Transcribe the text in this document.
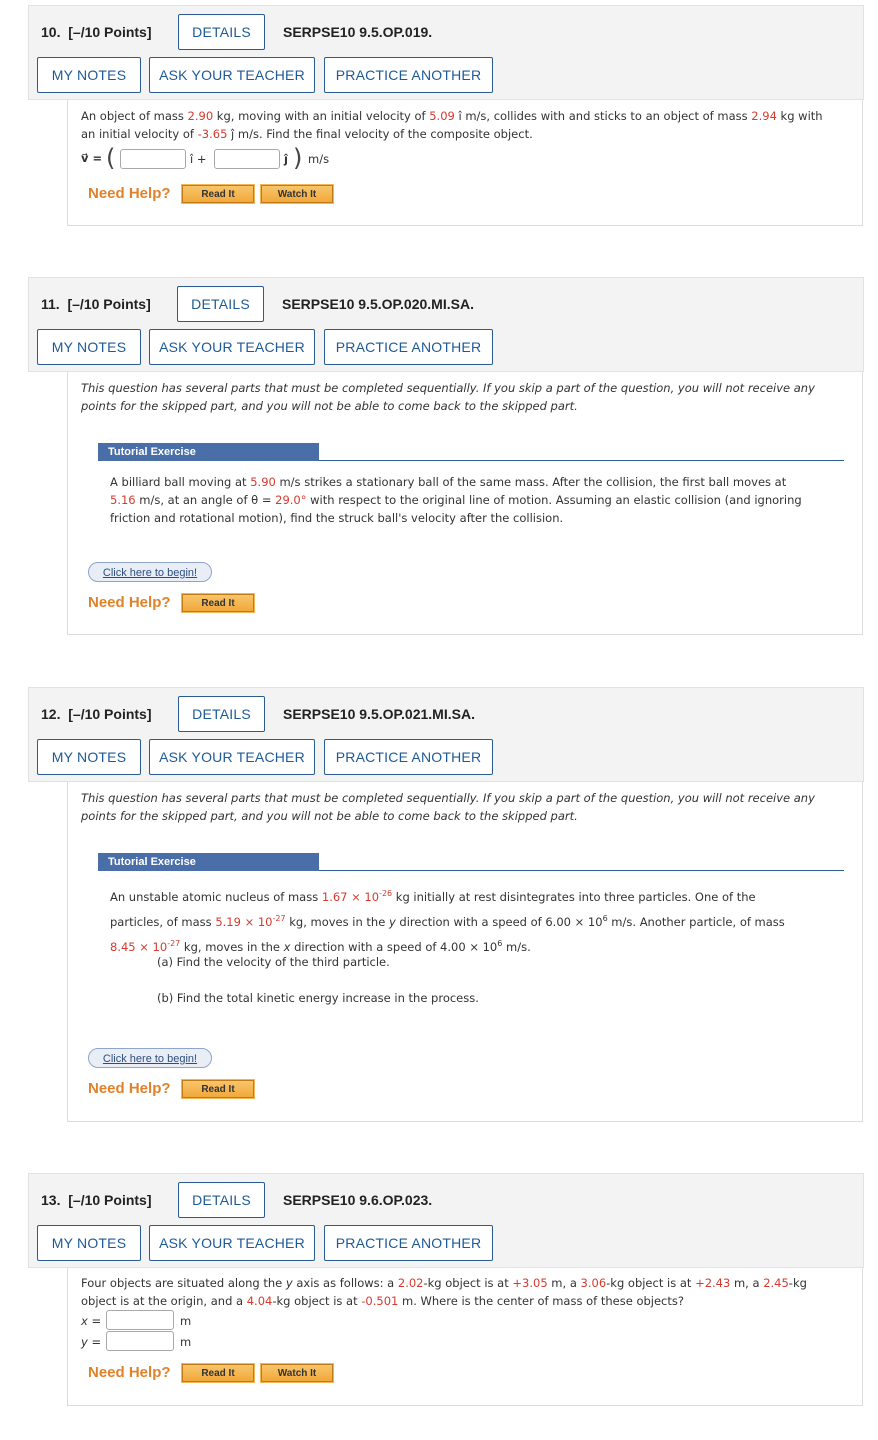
10. [–/10 Points]	DETAILS	SERPSE10 9.5.OP.019.
MY NOTES	ASK YOUR TEACHER	PRACTICE ANOTHER
An object of mass 2.90 kg, moving with an initial velocity of 5.09 î m/s, collides with and sticks to an object of mass 2.94 kg with
an initial velocity of -3.65 ĵ m/s. Find the final velocity of the composite object.
v⃗ = (	î +	ĵ ) m/s
Need Help?	Read It	Watch It
11. [–/10 Points]	DETAILS	SERPSE10 9.5.OP.020.MI.SA.
MY NOTES	ASK YOUR TEACHER	PRACTICE ANOTHER
This question has several parts that must be completed sequentially. If you skip a part of the question, you will not receive any points for the skipped part, and you will not be able to come back to the skipped part.
Tutorial Exercise
A billiard ball moving at 5.90 m/s strikes a stationary ball of the same mass. After the collision, the first ball moves at
5.16 m/s, at an angle of θ = 29.0° with respect to the original line of motion. Assuming an elastic collision (and ignoring
friction and rotational motion), find the struck ball's velocity after the collision.
Click here to begin!
Need Help?	Read It
12. [–/10 Points]	DETAILS	SERPSE10 9.5.OP.021.MI.SA.
MY NOTES	ASK YOUR TEACHER	PRACTICE ANOTHER
This question has several parts that must be completed sequentially. If you skip a part of the question, you will not receive any points for the skipped part, and you will not be able to come back to the skipped part.
Tutorial Exercise
An unstable atomic nucleus of mass $1.67 \times 10^{-26}$ kg initially at rest disintegrates into three particles. One of the
particles, of mass $5.19 \times 10^{-27}$ kg, moves in the y direction with a speed of $6.00 \times 10^6$ m/s. Another particle, of mass
$8.45 \times 10^{-27}$ kg, moves in the x direction with a speed of $4.00 \times 10^6$ m/s.
(a) Find the velocity of the third particle.
(b) Find the total kinetic energy increase in the process.
Click here to begin!
Need Help?	Read It
13. [–/10 Points]	DETAILS	SERPSE10 9.6.OP.023.
MY NOTES	ASK YOUR TEACHER	PRACTICE ANOTHER
Four objects are situated along the y axis as follows: a 2.02-kg object is at +3.05 m, a 3.06-kg object is at +2.43 m, a 2.45-kg
object is at the origin, and a 4.04-kg object is at -0.501 m. Where is the center of mass of these objects?
x =	m
y =	m
Need Help?	Read It	Watch It
